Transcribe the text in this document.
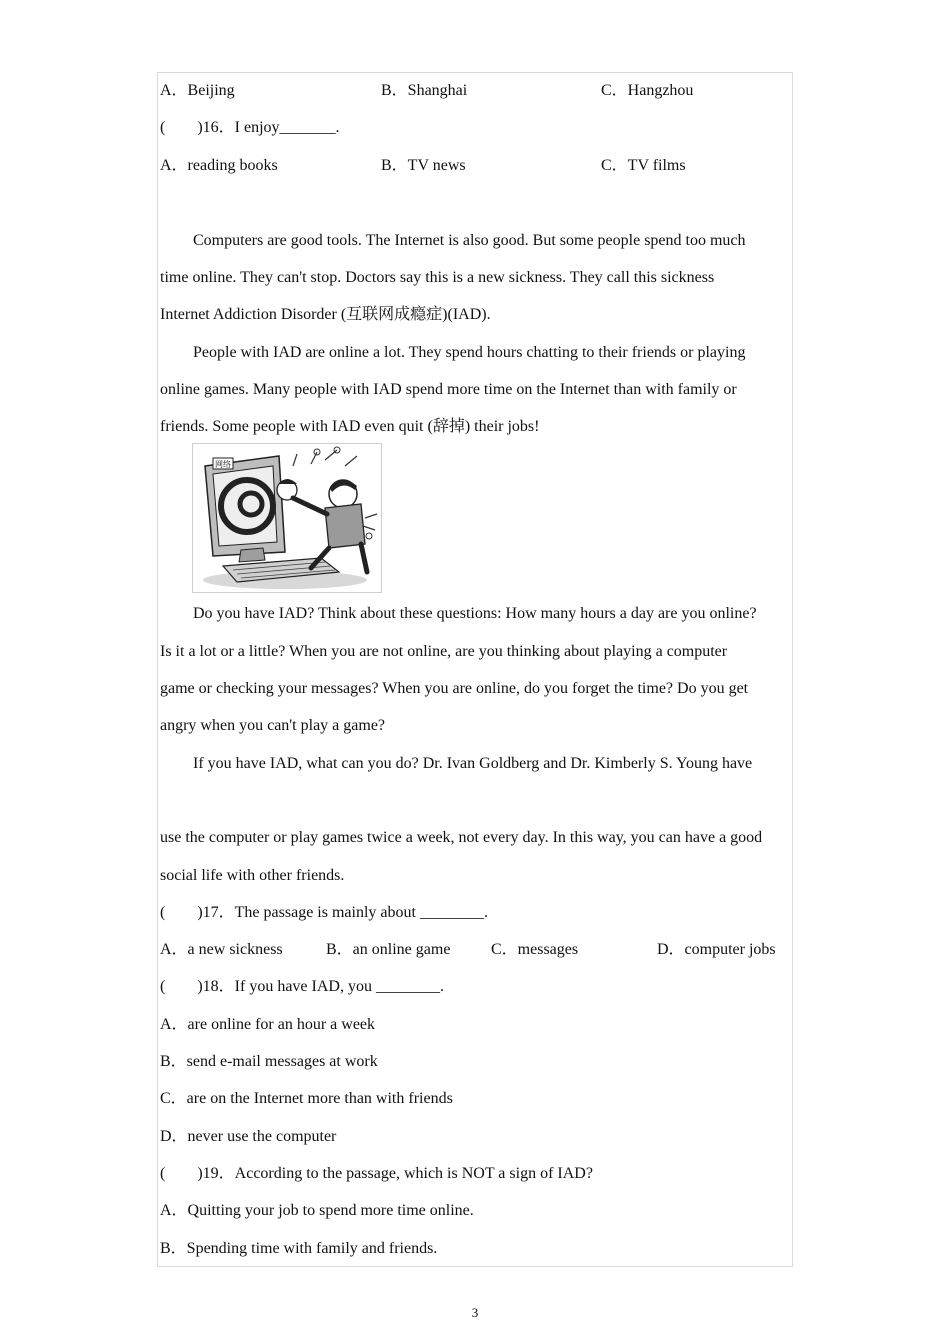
A．Beijing	B．Shanghai	C．Hangzhou
(　　)16．I enjoy_______.
A．reading books	B．TV news	C．TV films
Computers are good tools. The Internet is also good. But some people spend too much
time online. They can't stop. Doctors say this is a new sickness. They call this sickness
Internet Addiction Disorder (互联网成瘾症)(IAD).
People with IAD are online a lot. They spend hours chatting to their friends or playing
online games. Many people with IAD spend more time on the Internet than with family or
friends. Some people with IAD even quit (辞掉) their jobs!
网络
Do you have IAD? Think about these questions: How many hours a day are you online?
Is it a lot or a little? When you are not online, are you thinking about playing a computer
game or checking your messages? When you are online, do you forget the time? Do you get
angry when you can't play a game?
If you have IAD, what can you do? Dr. Ivan Goldberg and Dr. Kimberly S. Young have
use the computer or play games twice a week, not every day. In this way, you can have a good
social life with other friends.
(　　)17．The passage is mainly about ________.
A．a new sickness	B．an online game	C．messages	D．computer jobs
(　　)18．If you have IAD, you ________.
A．are online for an hour a week
B．send e-mail messages at work
C．are on the Internet more than with friends
D．never use the computer
(　　)19．According to the passage, which is NOT a sign of IAD?
A．Quitting your job to spend more time online.
B．Spending time with family and friends.
3
